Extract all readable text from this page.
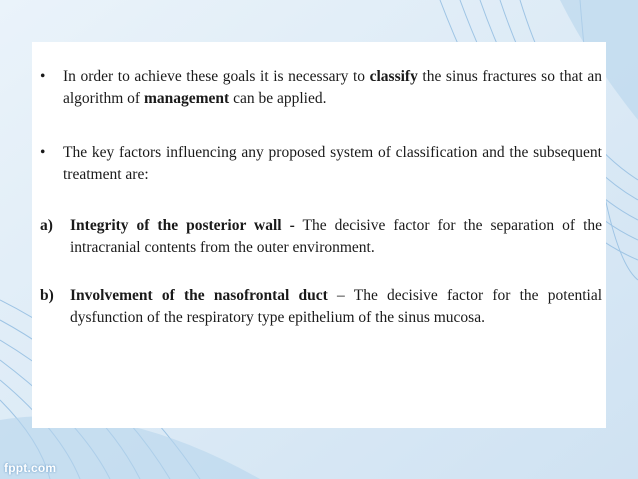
• In order to achieve these goals it is necessary to classify the sinus fractures so that an algorithm of management can be applied.
• The key factors influencing any proposed system of classification and the subsequent treatment are:
a) Integrity of the posterior wall - The decisive factor for the separation of the intracranial contents from the outer environment.
b) Involvement of the nasofrontal duct – The decisive factor for the potential dysfunction of the respiratory type epithelium of the sinus mucosa.
fppt.com
